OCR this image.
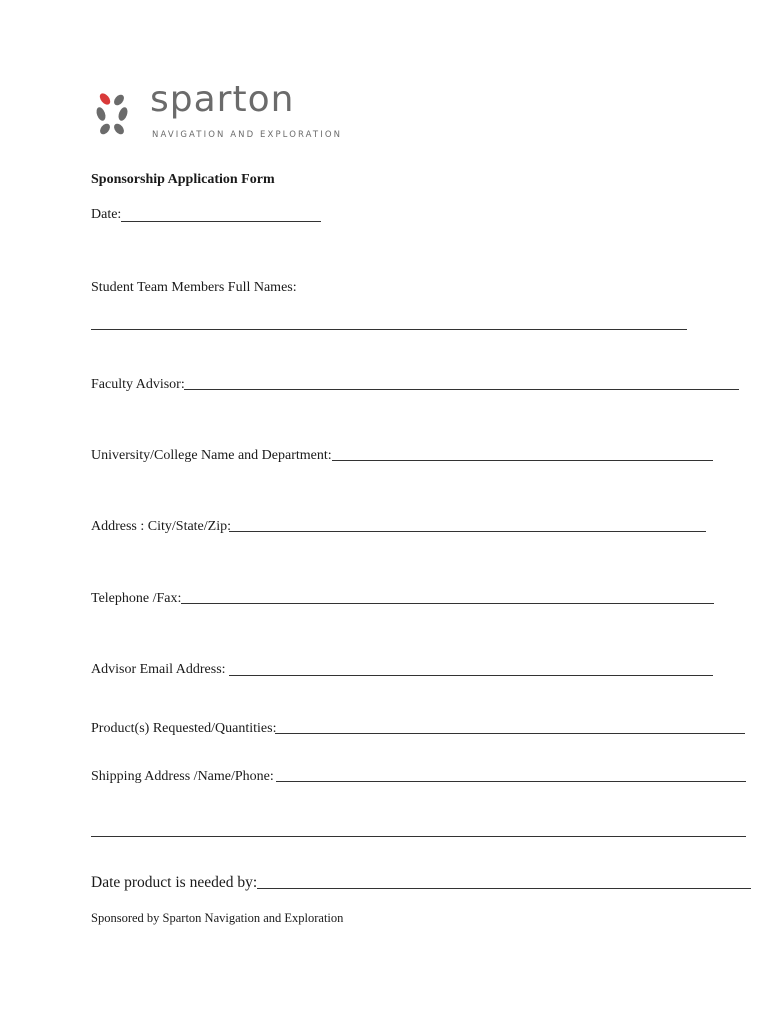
sparton
NAVIGATION AND EXPLORATION
Sponsorship Application Form
Date:
Student Team Members Full Names:
Faculty Advisor:
University/College Name and Department:
Address : City/State/Zip:
Telephone /Fax:
Advisor Email Address:
Product(s) Requested/Quantities:
Shipping Address /Name/Phone:
Date product is needed by:
Sponsored by Sparton Navigation and Exploration
